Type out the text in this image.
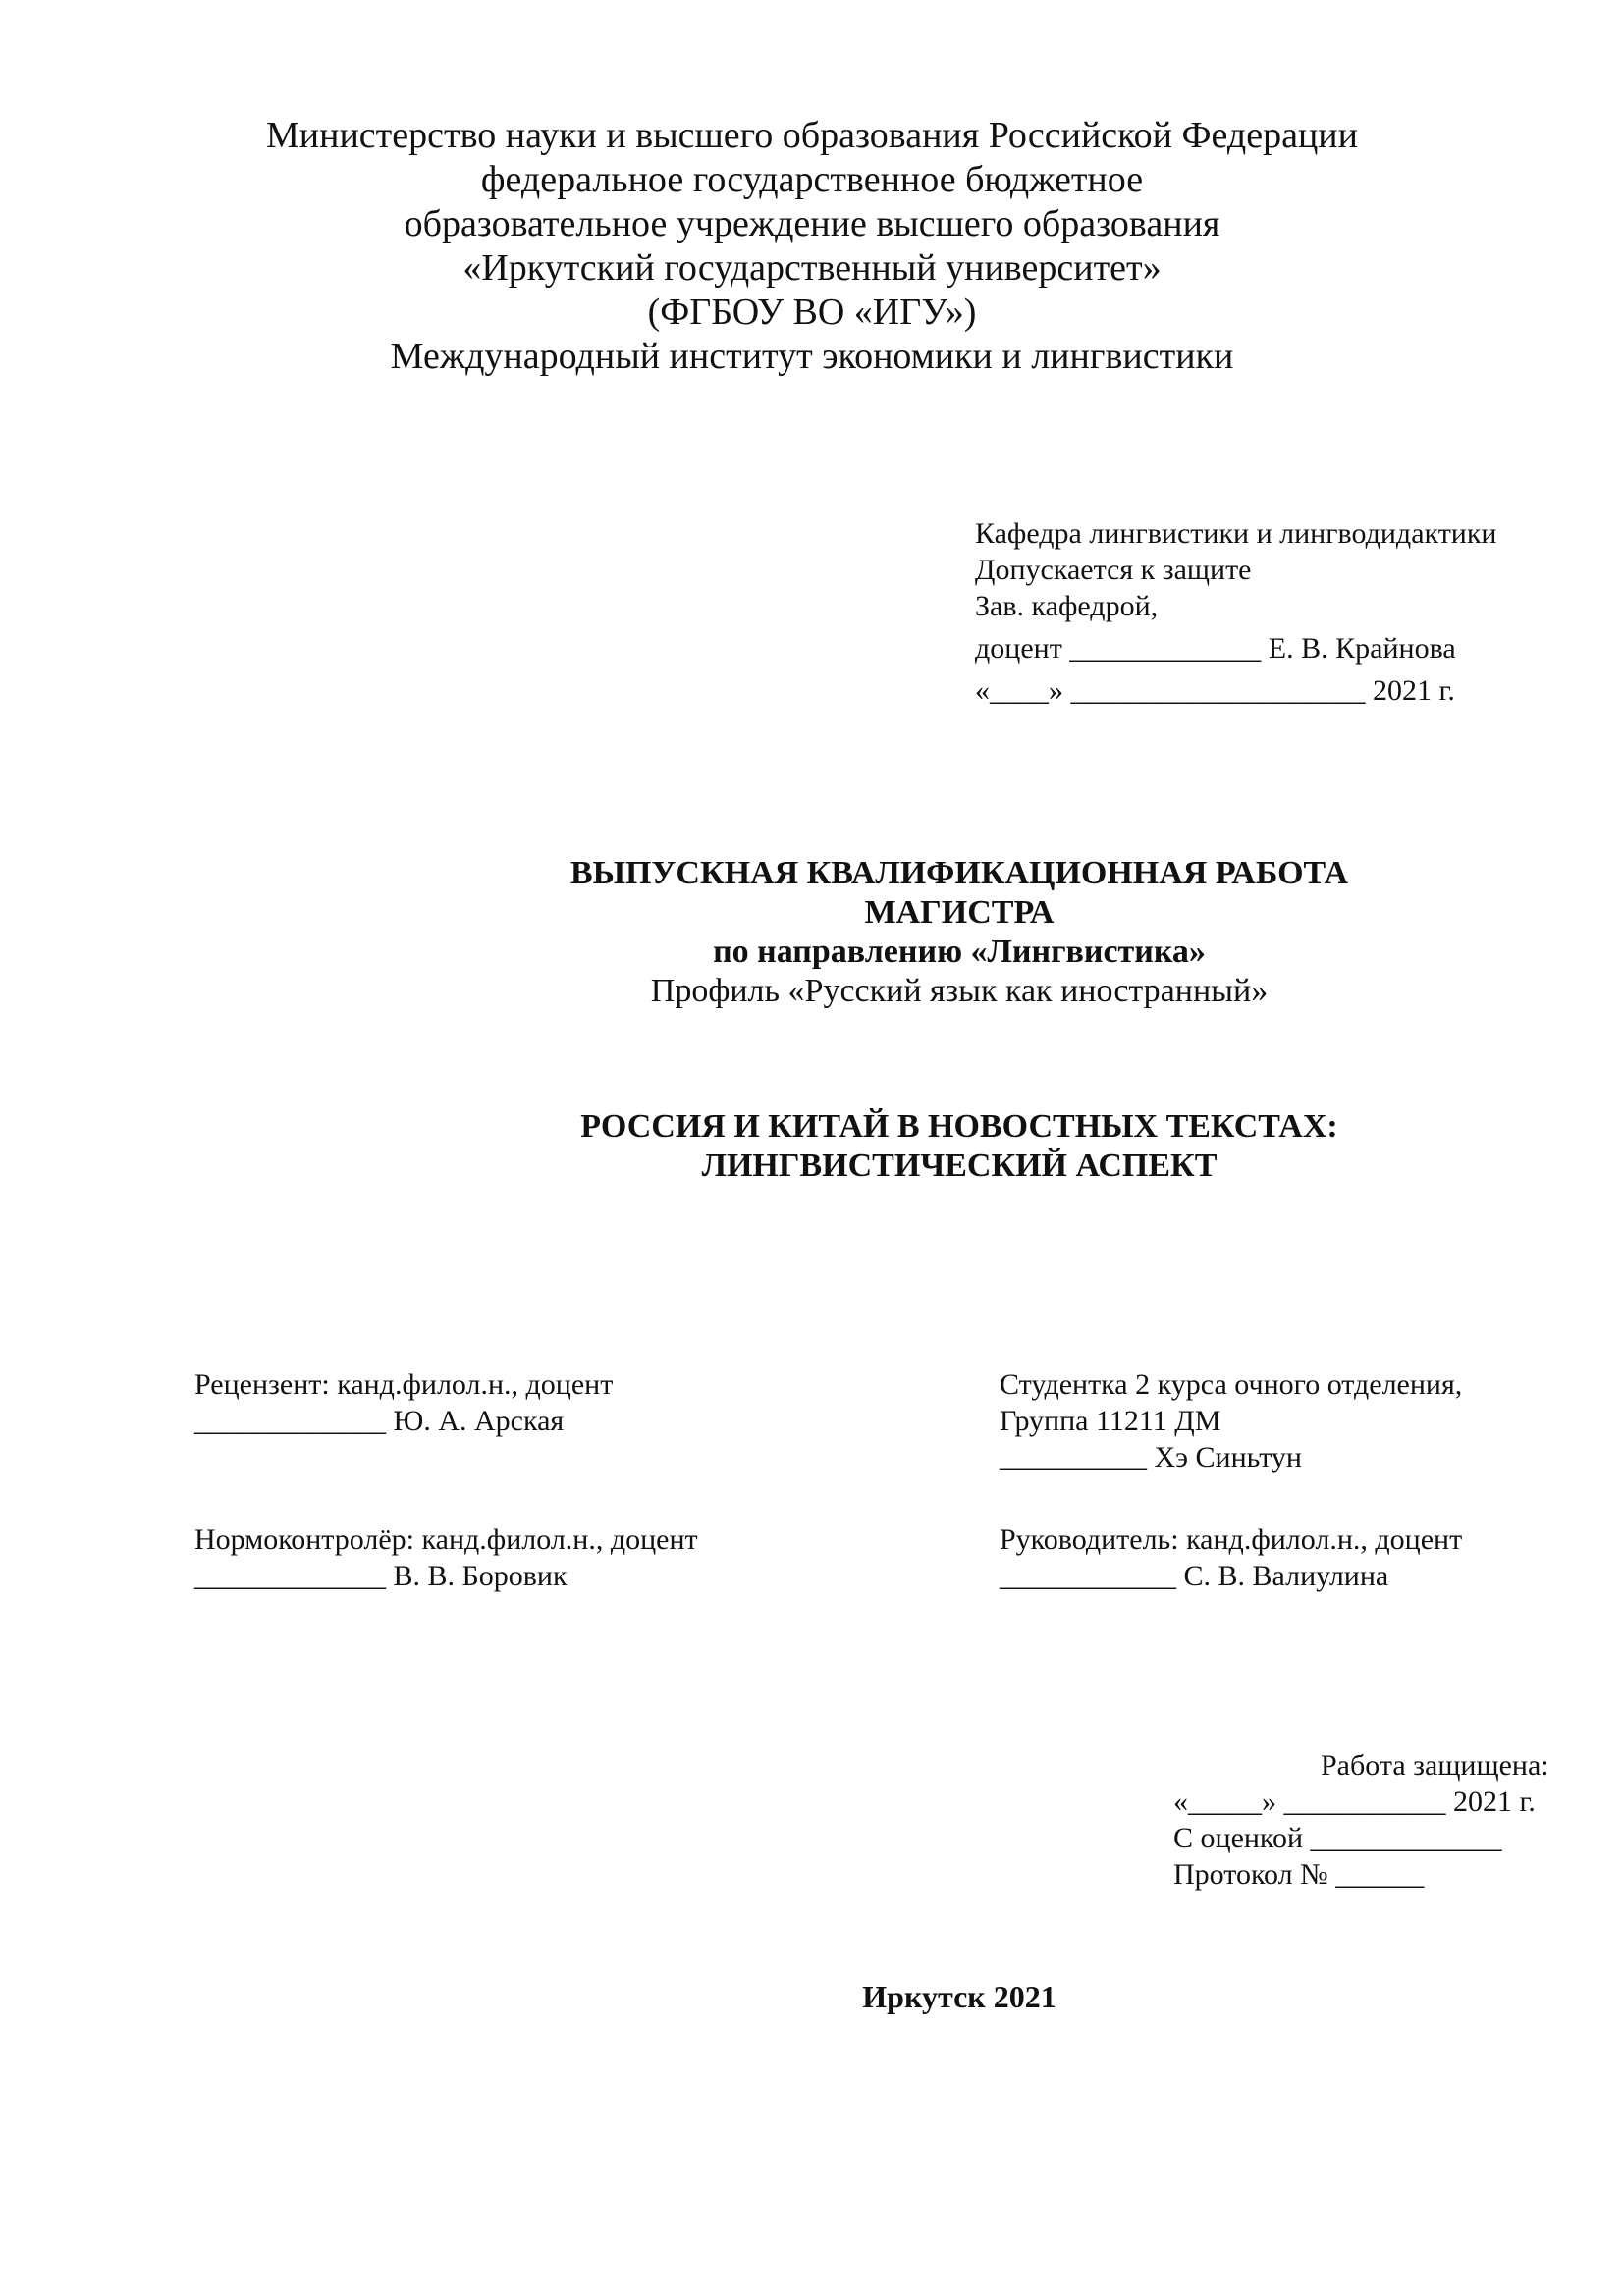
Министерство науки и высшего образования Российской Федерации
федеральное государственное бюджетное
образовательное учреждение высшего образования
«Иркутский государственный университет»
(ФГБОУ ВО «ИГУ»)
Международный институт экономики и лингвистики
Кафедра лингвистики и лингводидактики
Допускается к защите
Зав. кафедрой,
доцент _____________ Е. В. Крайнова
«____» ____________________ 2021 г.
ВЫПУСКНАЯ КВАЛИФИКАЦИОННАЯ РАБОТА
МАГИСТРА
по направлению «Лингвистика»
Профиль «Русский язык как иностранный»
РОССИЯ И КИТАЙ В НОВОСТНЫХ ТЕКСТАХ:
ЛИНГВИСТИЧЕСКИЙ АСПЕКТ
Рецензент: канд.филол.н., доцент
_____________ Ю. А. Арская
Студентка 2 курса очного отделения,
Группа 11211 ДМ
__________ Хэ Синьтун
Нормоконтролёр: канд.филол.н., доцент
_____________ В. В. Боровик
Руководитель: канд.филол.н., доцент
____________ С. В. Валиулина
Работа защищена:
«_____» ___________ 2021 г.
С оценкой _____________
Протокол № ______
Иркутск 2021
